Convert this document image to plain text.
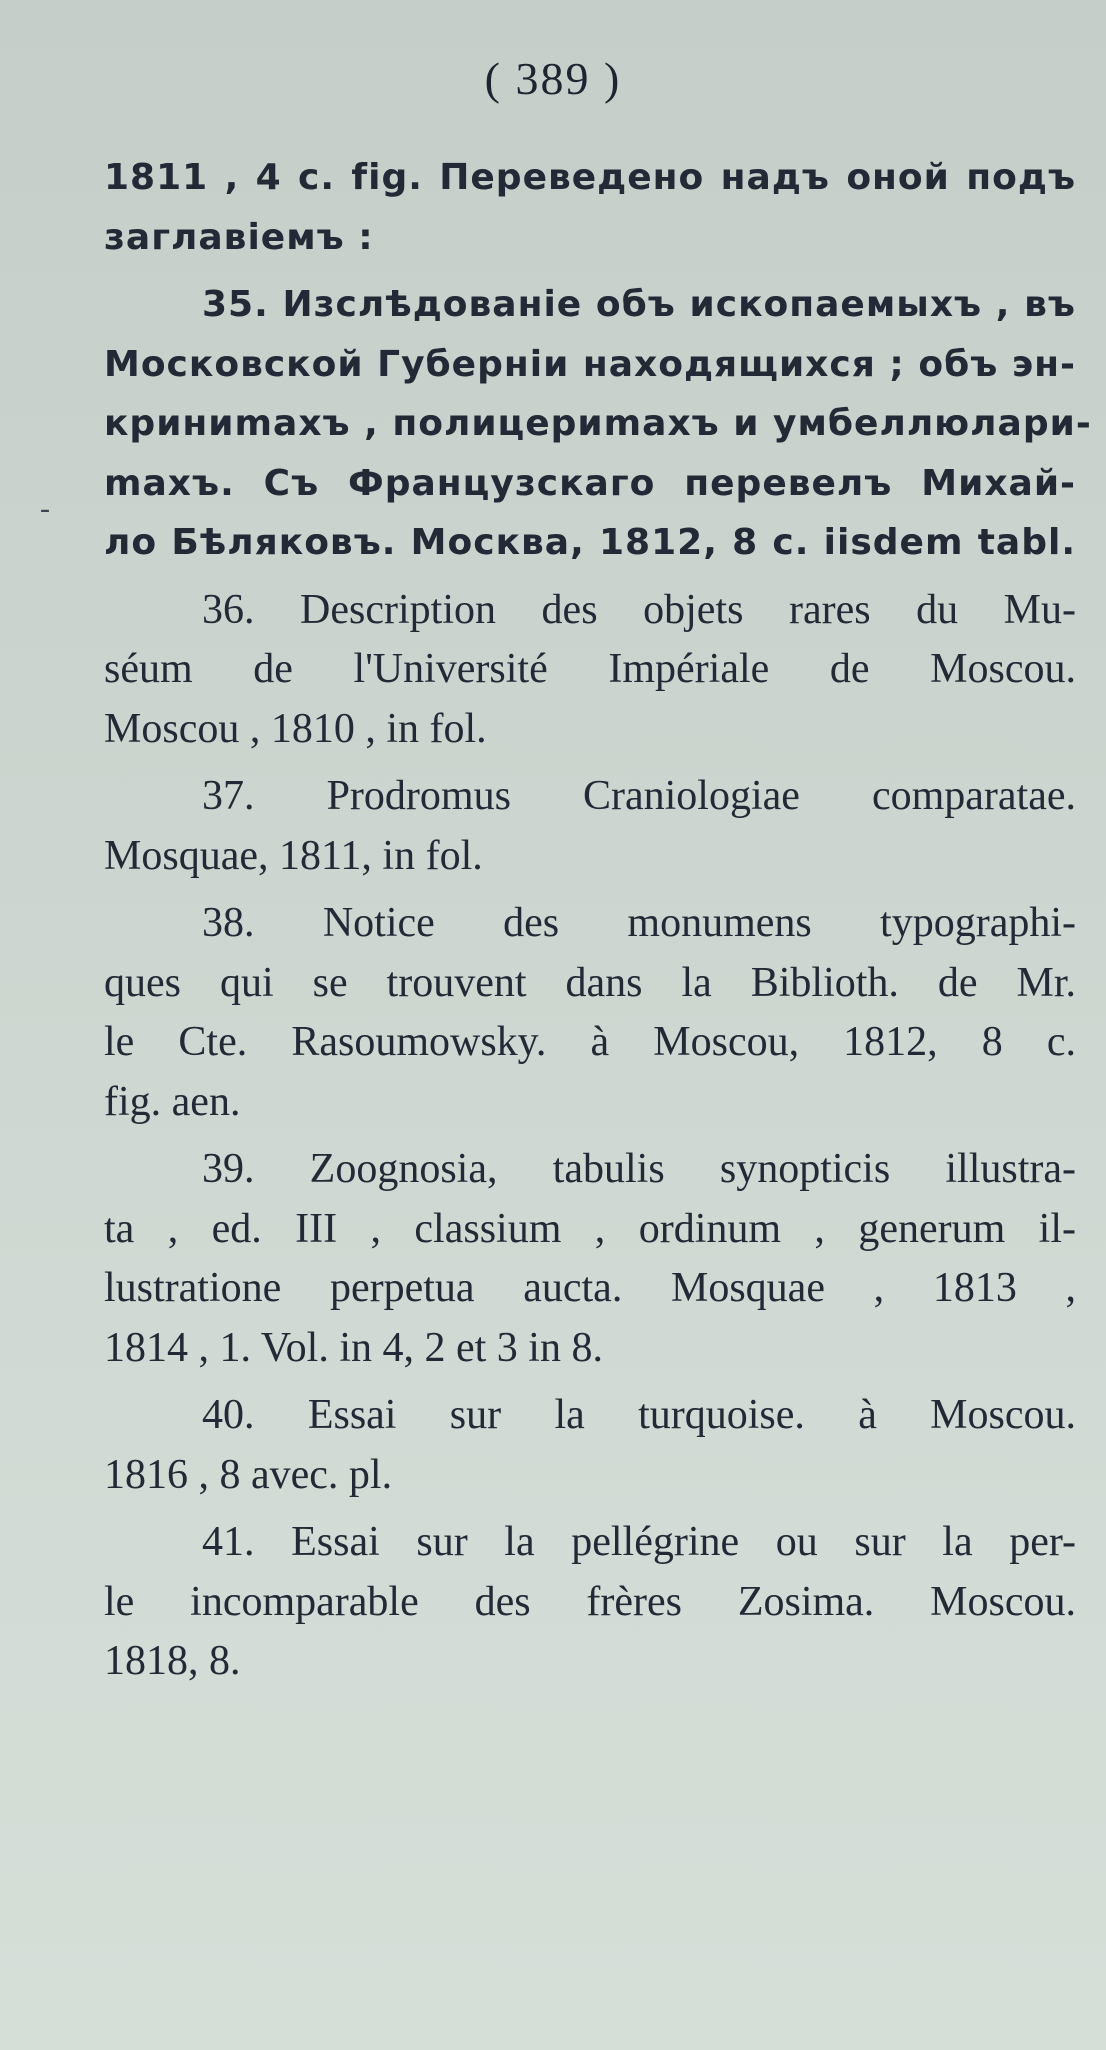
( 389 )
-
1811 , 4 c. fig. Переведено надъ оной подъ
заглавіемъ :
35. Изслѣдованіе объ ископаемыхъ , въ
Московской Губерніи находящихся ; объ эн-
криниmахъ , полицериmахъ и умбеллюлари-
mахъ. Съ Французскаго перевелъ Михай-
ло Бѣляковъ. Москва, 1812, 8 c. iisdem tabl.
36. Description des objets rares du Mu-
séum de l'Université Impériale de Moscou.
Moscou , 1810 , in fol.
37. Prodromus Craniologiae comparatae.
Mosquae, 1811, in fol.
38. Notice des monumens typographi-
ques qui se trouvent dans la Biblioth. de Mr.
le Cte. Rasoumowsky. à Moscou, 1812, 8 c.
fig. aen.
39. Zoognosia, tabulis synopticis illustra-
ta , ed. III , classium , ordinum , generum il-
lustratione perpetua aucta. Mosquae , 1813 ,
1814 , 1. Vol. in 4, 2 et 3 in 8.
40. Essai sur la turquoise. à Moscou.
1816 , 8 avec. pl.
41. Essai sur la pellégrine ou sur la per-
le incomparable des frères Zosima. Moscou.
1818, 8.
